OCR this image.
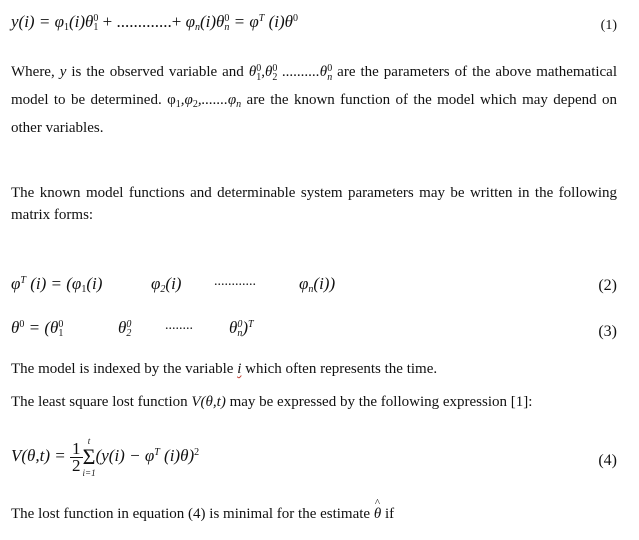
$y(i) = \varphi_1(i)\theta$ 0
1 + .............+ $\varphi_n(i)\theta$ 0
$n = \varphi^T$ $(i)\theta^0$	(1)
Where, y is the observed variable and θ 0
1 ,θ 0
2 ..........θ 0
n are the parameters of the above mathematical model to be determined. $\varphi_1,\varphi_2,.......\varphi_n$ are the known function of the model which may depend on other variables.
The known model functions and determinable system parameters may be written in the following matrix forms:
$\varphi^T$ $(i) = (\varphi_1(i)$	$\varphi_2(i)$ ............	$\varphi_n(i)$)	(2)
$\theta^0 = (\theta$ 0
1	θ 0
2
........ θ 0
n )$^T$	(3)
The model is indexed by the variable i which often represents the time.
The least square lost function V(θ,t) may be expressed by the following expression [1]:
$V(\theta,t) = \frac{1}{2}$ t
Σ
i=1
($y(i) - \varphi^T$ (i)θ)$^2$	(4)
The lost function in equation (4) is minimal for the estimate ^ θ if
